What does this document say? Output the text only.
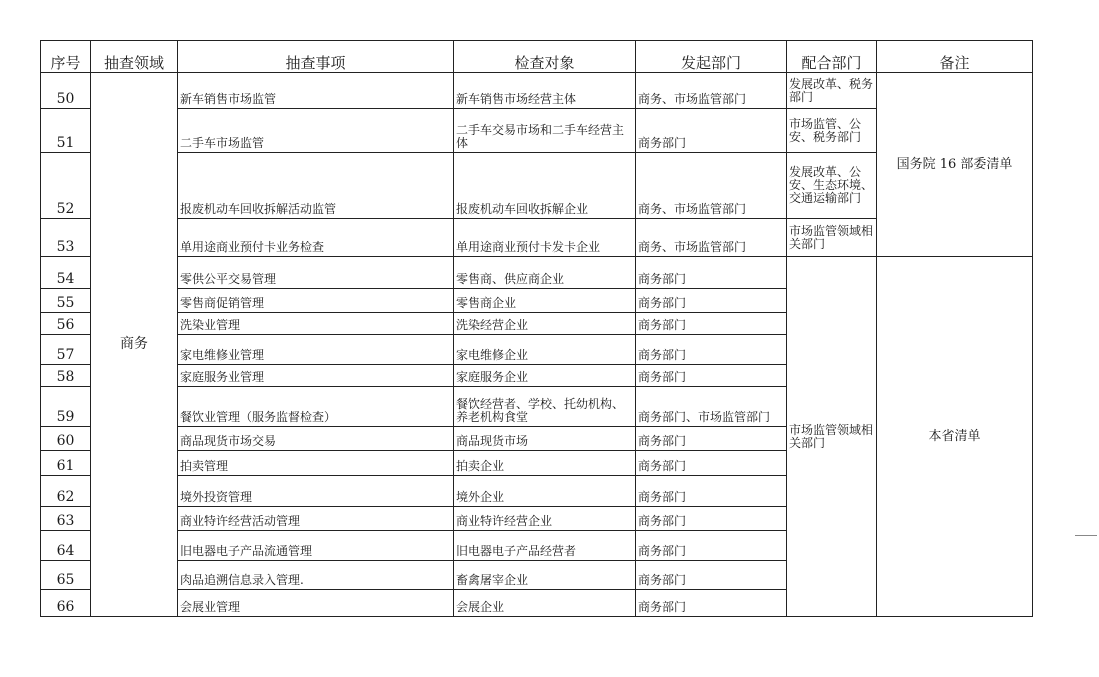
序号	抽查领域	抽查事项	检查对象	发起部门	配合部门	备注
50	商务	新车销售市场监管	新车销售市场经营主体	商务、市场监管部门	发展改革、税务部门	国务院 16 部委清单
51		二手车市场监管	二手车交易市场和二手车经营主体	商务部门	市场监管、公安、税务部门	
52		报废机动车回收拆解活动监管	报废机动车回收拆解企业	商务、市场监管部门	发展改革、公安、生态环境、交通运输部门	
53		单用途商业预付卡业务检查	单用途商业预付卡发卡企业	商务、市场监管部门	市场监管领域相关部门	
54		零供公平交易管理	零售商、供应商企业	商务部门	市场监管领域相关部门	本省清单
55		零售商促销管理	零售商企业	商务部门		
56		洗染业管理	洗染经营企业	商务部门		
57		家电维修业管理	家电维修企业	商务部门		
58		家庭服务业管理	家庭服务企业	商务部门		
59		餐饮业管理（服务监督检查）	餐饮经营者、学校、托幼机构、养老机构食堂	商务部门、市场监管部门		
60		商品现货市场交易	商品现货市场	商务部门		
61		拍卖管理	拍卖企业	商务部门		
62		境外投资管理	境外企业	商务部门		
63		商业特许经营活动管理	商业特许经营企业	商务部门		
64		旧电器电子产品流通管理	旧电器电子产品经营者	商务部门		
65		肉品追溯信息录入管理.	畜禽屠宰企业	商务部门		
66		会展业管理	会展企业	商务部门		
